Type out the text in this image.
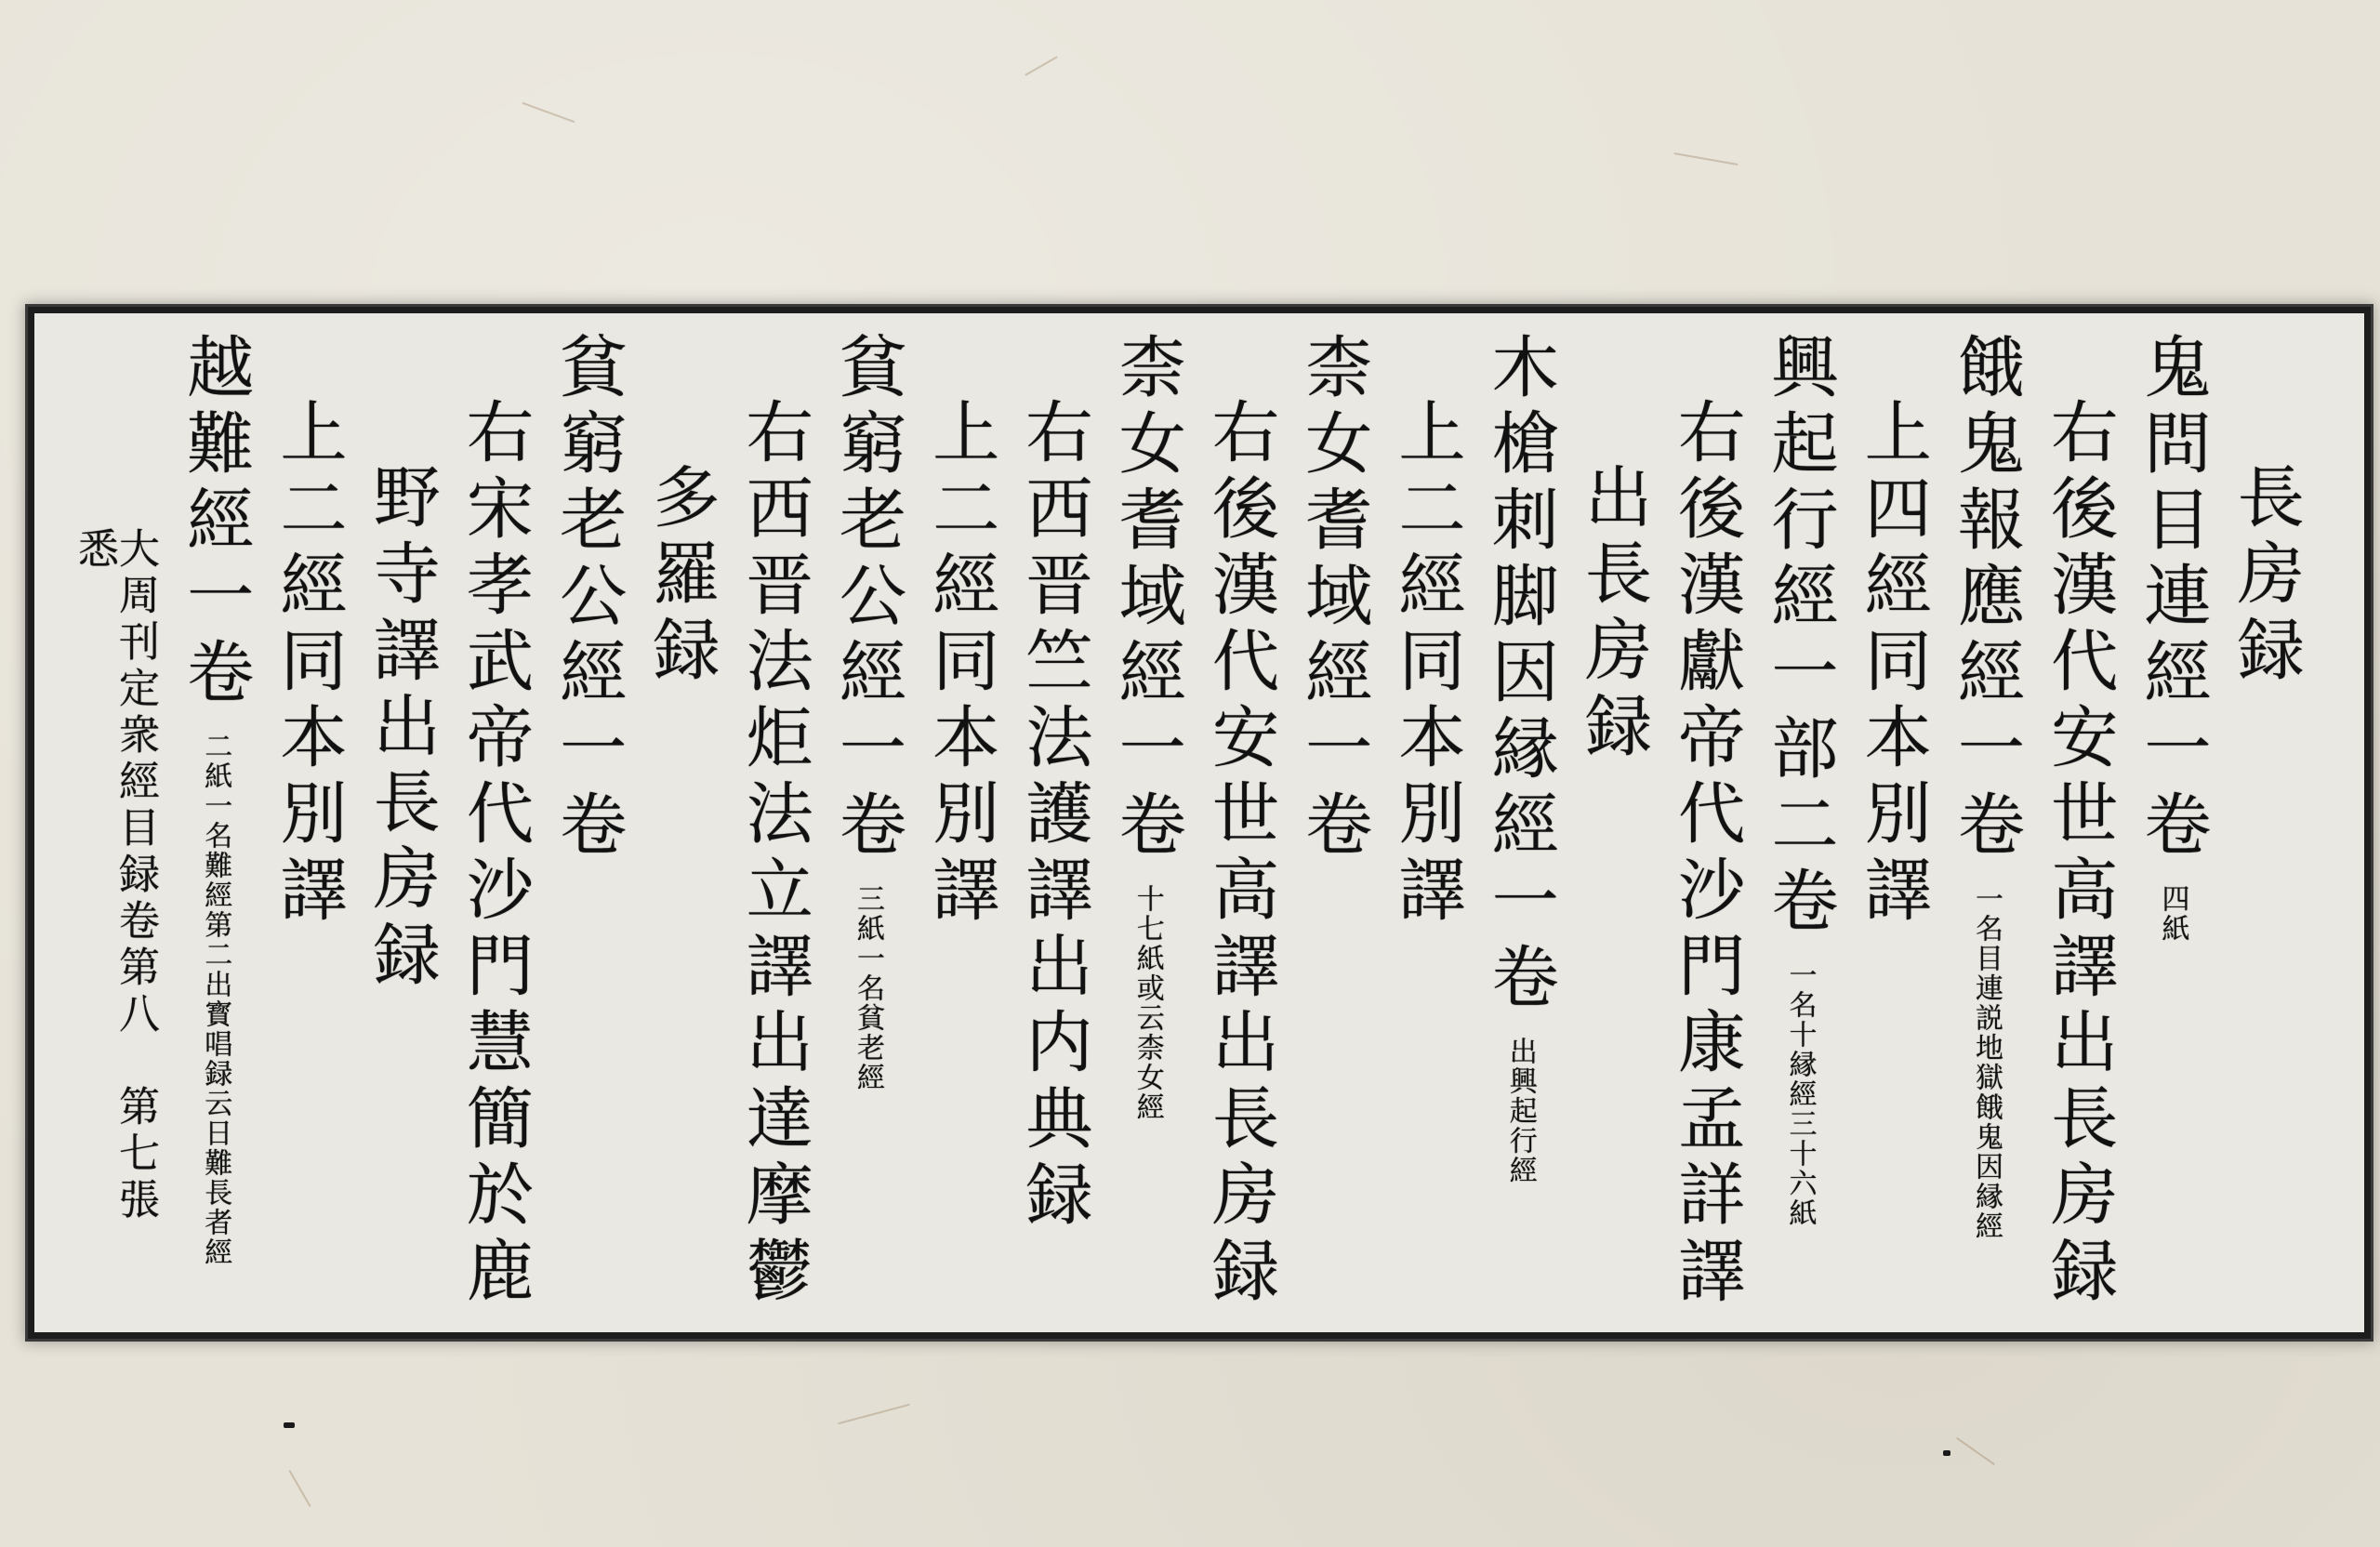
長房録
鬼問目連經一卷四紙
右後漢代安世高譯出長房録
餓鬼報應經一卷一名目連説地獄餓鬼因縁經
上四經同本別譯
興起行經一部二卷一名十縁經三十六紙
右後漢獻帝代沙門康孟詳譯
出長房録
木槍刺脚因縁經一卷出興起行經
上二經同本別譯
柰女耆域經一卷
右後漢代安世高譯出長房録
柰女耆域經一卷十七紙或云柰女經
右西晋竺法護譯出内典録
上二經同本別譯
貧窮老公經一卷三紙一名貧老經
右西晋法炬法立譯出達摩鬱
多羅録
貧窮老公經一卷
右宋孝武帝代沙門慧簡於鹿
野寺譯出長房録
上二經同本別譯
越難經一卷二紙一名難經第二出寳唱録云日難長者經
大周刊定衆經目録卷第八　第七張　悉
